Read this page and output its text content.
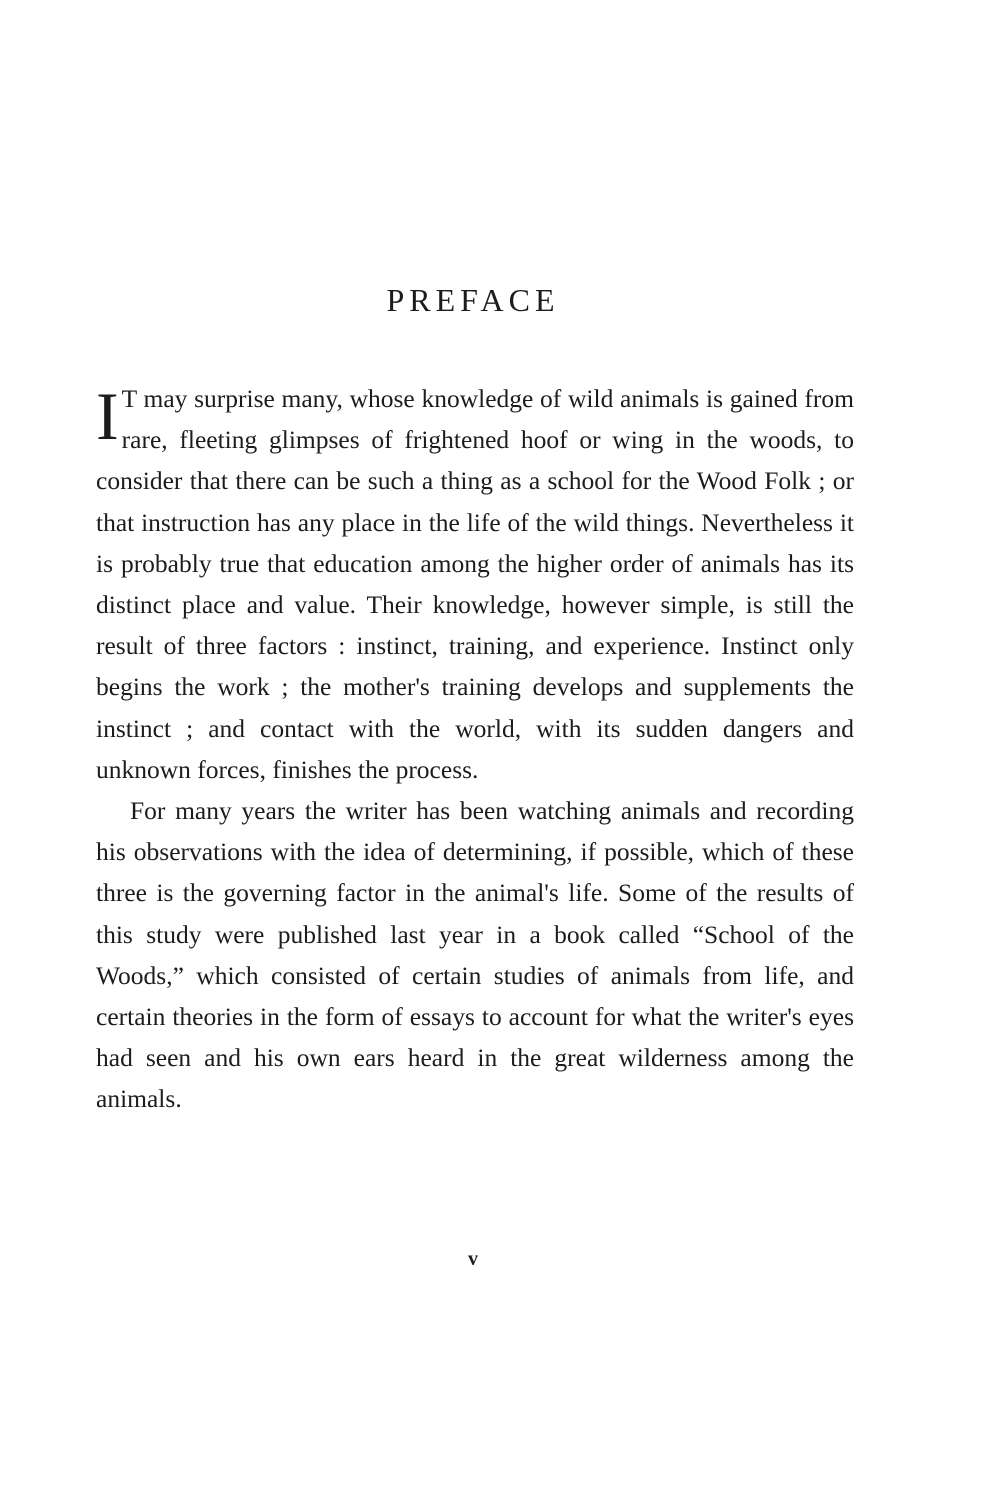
PREFACE

I T may surprise many, whose knowledge of wild animals is gained from rare, fleeting glimpses of frightened hoof or wing in the woods, to consider that there can be such a thing as a school for the Wood Folk ; or that instruction has any place in the life of the wild things. Nevertheless it is probably true that education among the higher order of animals has its distinct place and value. Their knowledge, however simple, is still the result of three factors : instinct, training, and experience. Instinct only begins the work ; the mother's training develops and supplements the instinct ; and contact with the world, with its sudden dangers and unknown forces, finishes the process.

For many years the writer has been watching animals and recording his observations with the idea of determining, if possible, which of these three is the governing factor in the animal's life. Some of the results of this study were published last year in a book called “School of the Woods,” which consisted of certain studies of animals from life, and certain theories in the form of essays to account for what the writer's eyes had seen and his own ears heard in the great wilderness among the animals.

v
